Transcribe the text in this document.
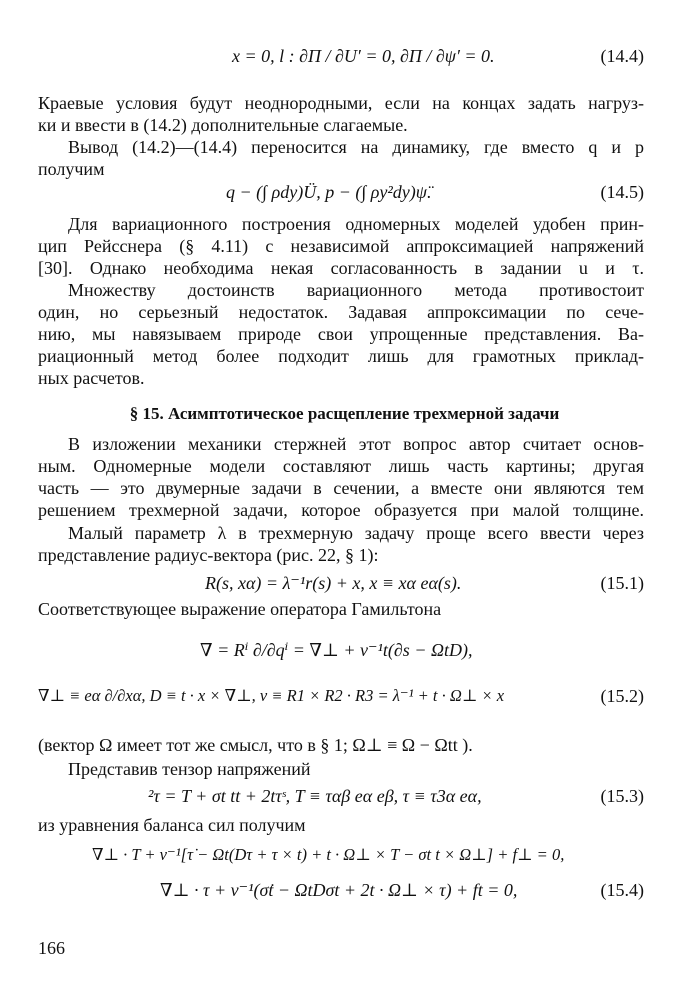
x = 0, l : ∂Π / ∂U′ = 0, ∂Π / ∂ψ′ = 0.	(14.4)
Краевые условия будут неоднородными, если на концах задать нагруз-
ки и ввести в (14.2) дополнительные слагаемые.
Вывод (14.2)—(14.4) переносится на динамику, где вместо q и p
получим
q − (∫ ρdy)Ü, p − (∫ ρy²dy)ψ̈.	(14.5)
Для вариационного построения одномерных моделей удобен прин-
цип Рейсснера (§ 4.11) с независимой аппроксимацией напряжений
[30]. Однако необходима некая согласованность в задании u и τ.
Множеству достоинств вариационного метода противостоит
один, но серьезный недостаток. Задавая аппроксимации по сече-
нию, мы навязываем природе свои упрощенные представления. Ва-
риационный метод более подходит лишь для грамотных приклад-
ных расчетов.
§ 15. Асимптотическое расщепление трехмерной задачи
В изложении механики стержней этот вопрос автор считает основ-
ным. Одномерные модели составляют лишь часть картины; другая
часть — это двумерные задачи в сечении, а вместе они являются тем
решением трехмерной задачи, которое образуется при малой толщине.
Малый параметр λ в трехмерную задачу проще всего ввести через
представление радиус-вектора (рис. 22, § 1):
R(s, xα) = λ⁻¹r(s) + x, x ≡ xα eα(s).	(15.1)
Соответствующее выражение оператора Гамильтона
∇ = Rⁱ ∂/∂qⁱ = ∇⊥ + v⁻¹t(∂s − ΩtD),
∇⊥ ≡ eα ∂/∂xα, D ≡ t · x × ∇⊥, v ≡ R1 × R2 · R3 = λ⁻¹ + t · Ω⊥ × x	(15.2)
(вектор Ω имеет тот же смысл, что в § 1; Ω⊥ ≡ Ω − Ωtt ).
Представив тензор напряжений
²τ = T + σt tt + 2tτˢ, T ≡ ταβ eα eβ, τ ≡ τ3α eα,	(15.3)
из уравнения баланса сил получим
∇⊥ · T + v⁻¹[τ̇ − Ωt(Dτ + τ × t) + t · Ω⊥ × T − σt t × Ω⊥] + f⊥ = 0,
∇⊥ · τ + v⁻¹(σ̇t − ΩtDσt + 2t · Ω⊥ × τ) + ft = 0,	(15.4)
166
